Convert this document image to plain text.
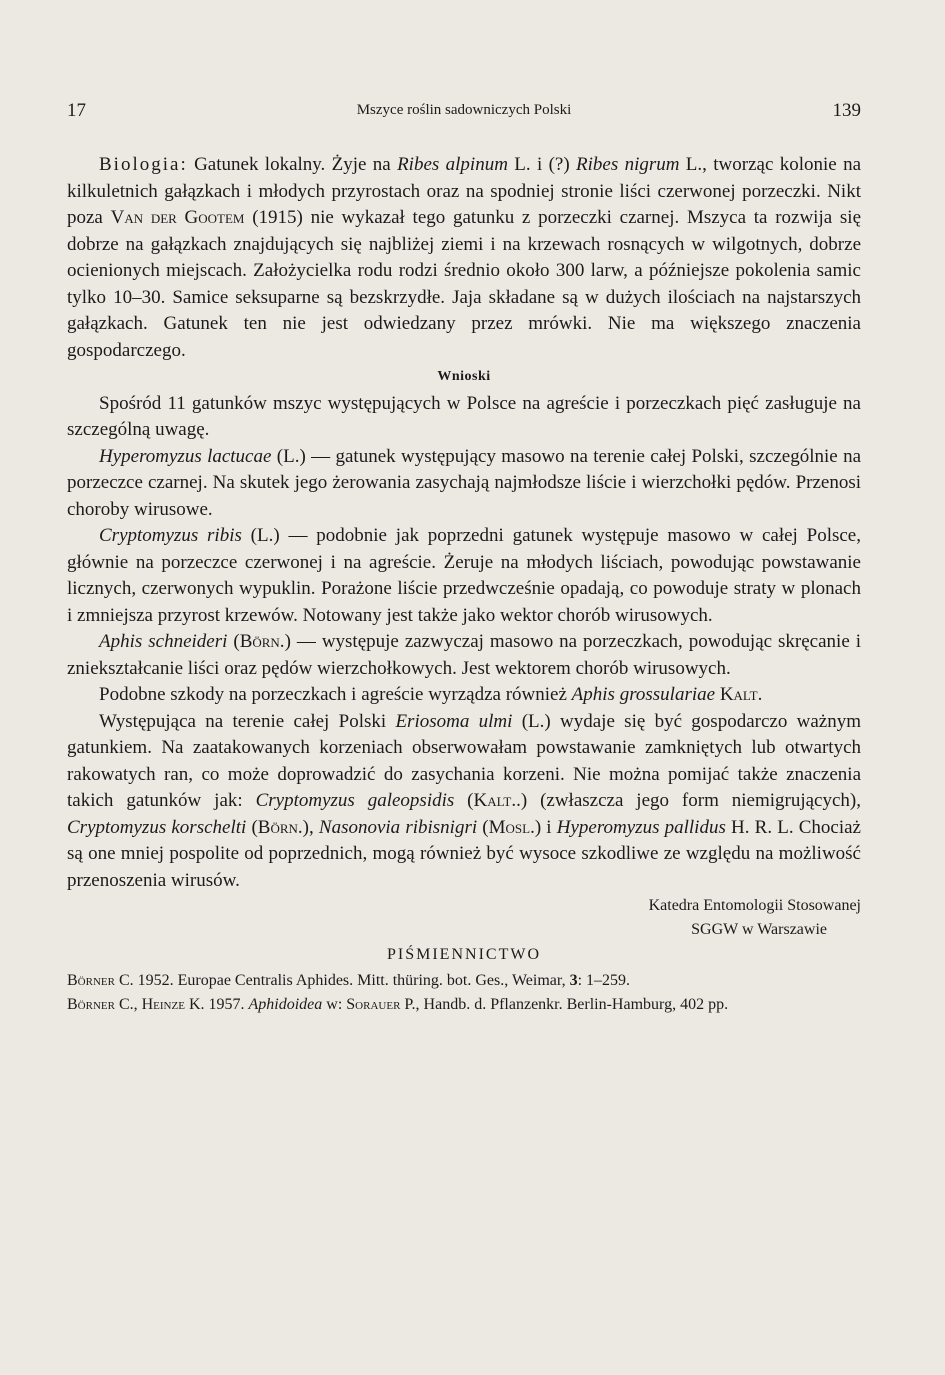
17	Mszyce roślin sadowniczych Polski	139

Biologia: Gatunek lokalny. Żyje na Ribes alpinum L. i (?) Ribes nigrum L., tworząc kolonie na kilkuletnich gałązkach i młodych przyrostach oraz na spodniej stronie liści czerwonej porzeczki. Nikt poza Van der Gootem (1915) nie wykazał tego gatunku z porzeczki czarnej. Mszyca ta rozwija się dobrze na gałązkach znajdujących się najbliżej ziemi i na krzewach rosnących w wilgotnych, dobrze ocienionych miejscach. Założycielka rodu rodzi średnio około 300 larw, a późniejsze pokolenia samic tylko 10–30. Samice seksuparne są bezskrzydłe. Jaja składane są w dużych ilościach na najstarszych gałązkach. Gatunek ten nie jest odwiedzany przez mrówki. Nie ma większego znaczenia gospodarczego.

Wnioski

Spośród 11 gatunków mszyc występujących w Polsce na agreście i porzeczkach pięć zasługuje na szczególną uwagę.

Hyperomyzus lactucae (L.) — gatunek występujący masowo na terenie całej Polski, szczególnie na porzeczce czarnej. Na skutek jego żerowania zasychają najmłodsze liście i wierzchołki pędów. Przenosi choroby wirusowe.

Cryptomyzus ribis (L.) — podobnie jak poprzedni gatunek występuje masowo w całej Polsce, głównie na porzeczce czerwonej i na agreście. Żeruje na młodych liściach, powodując powstawanie licznych, czerwonych wypuklin. Porażone liście przedwcześnie opadają, co powoduje straty w plonach i zmniejsza przyrost krzewów. Notowany jest także jako wektor chorób wirusowych.

Aphis schneideri (Börn.) — występuje zazwyczaj masowo na porzeczkach, powodując skręcanie i zniekształcanie liści oraz pędów wierzchołkowych. Jest wektorem chorób wirusowych.

Podobne szkody na porzeczkach i agreście wyrządza również Aphis grossulariae Kalt.

Występująca na terenie całej Polski Eriosoma ulmi (L.) wydaje się być gospodarczo ważnym gatunkiem. Na zaatakowanych korzeniach obserwowałam powstawanie zamkniętych lub otwartych rakowatych ran, co może doprowadzić do zasychania korzeni. Nie można pomijać także znaczenia takich gatunków jak: Cryptomyzus galeopsidis (Kalt..) (zwłaszcza jego form niemigrujących), Cryptomyzus korschelti (Börn.), Nasonovia ribisnigri (Mosl.) i Hyperomyzus pallidus H. R. L. Chociaż są one mniej pospolite od poprzednich, mogą również być wysoce szkodliwe ze względu na możliwość przenoszenia wirusów.

Katedra Entomologii Stosowanej
SGGW w Warszawie

PIŚMIENNICTWO

Börner C. 1952. Europae Centralis Aphides. Mitt. thüring. bot. Ges., Weimar, 3: 1–259.

Börner C., Heinze K. 1957. Aphidoidea w: Sorauer P., Handb. d. Pflanzenkr. Berlin-Hamburg, 402 pp.
